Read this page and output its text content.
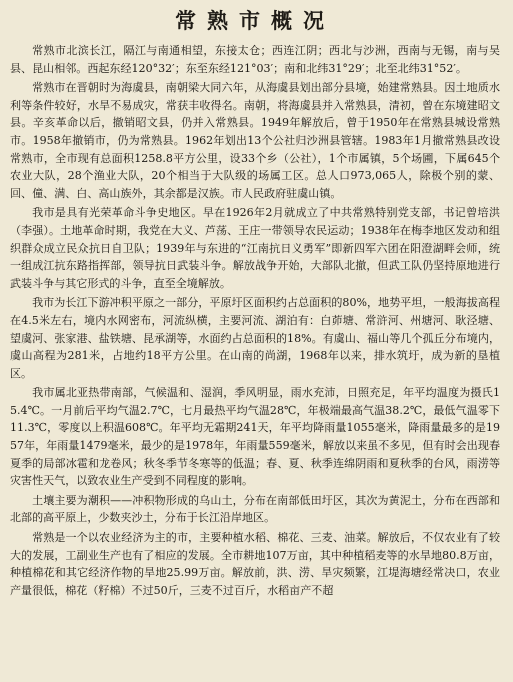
常熟市概况

常熟市北滨长江，隔江与南通相望，东接太仓；西连江阴；西北与沙洲，西南与无锡，南与吴县、昆山相邻。西起东经120°32′；东至东经121°03′；南和北纬31°29′；北至北纬31°52′。

常熟市在晋朝时为海虞县，南朝梁大同六年，从海虞县划出部分县境，始建常熟县。因土地质水利等条件较好，水旱不易成灾，常获丰收得名。南朝，将海虞县并入常熟县，清初，曾在东境建昭文县。辛亥革命以后，撤销昭文县，仍并入常熟县。1949年解放后，曾于1950年在常熟县城设常熟市。1958年撤销市，仍为常熟县。1962年划出13个公社归沙洲县管辖。1983年1月撤常熟县改设常熟市，全市现有总面积1258.8平方公里，设33个乡（公社），1个市属镇，5个场圃，下属645个农业大队，28个渔业大队，20个相当于大队级的场属工区。总人口973,065人，除极个别的蒙、回、僮、满、白、高山族外，其余都是汉族。市人民政府驻虞山镇。

我市是具有光荣革命斗争史地区。早在1926年2月就成立了中共常熟特别党支部，书记曾培洪（李强）。土地革命时期，我党在大义、芦荡、王庄一带领导农民运动；1938年在梅李地区发动和组织群众成立民众抗日自卫队；1939年与东进的“江南抗日义勇军”即新四军六团在阳澄湖畔会师，统一组成江抗东路指挥部，领导抗日武装斗争。解放战争开始，大部队北撤，但武工队仍坚持原地进行武装斗争与其它形式的斗争，直至全境解放。

我市为长江下游冲积平原之一部分，平原圩区面积约占总面积的80%，地势平坦，一般海拔高程在4.5米左右，境内水网密布，河流纵横，主要河流、湖泊有：白茆塘、常浒河、州塘河、耿泾塘、望虞河、张家港、盐铁塘、昆承湖等，水面约占总面积的18%。有虞山、福山等几个孤丘分布境内，虞山高程为281米，占地约18平方公里。在山南的尚湖，1968年以来，排水筑圩，成为新的垦植区。

我市属北亚热带南部，气候温和、湿润，季风明显，雨水充沛，日照充足，年平均温度为摄氏15.4℃。一月前后平均气温2.7℃，七月最热平均气温28℃，年极端最高气温38.2℃，最低气温零下11.3℃，零度以上积温608℃。年平均无霜期241天，年平均降雨量1055毫米，降雨量最多的是1957年，年雨量1479毫米，最少的是1978年，年雨量559毫米，解放以来虽不多见，但有时会出现春夏季的局部冰雹和龙卷风；秋冬季节冬寒等的低温；春、夏、秋季连绵阴雨和夏秋季的台风，雨涝等灾害性天气，以致农业生产受到不同程度的影响。

土壤主要为潮积——冲积物形成的乌山土，分布在南部低田圩区，其次为黄泥土，分布在西部和北部的高平原上，少数夹沙土，分布于长江沿岸地区。

常熟是一个以农业经济为主的市，主要种植水稻、棉花、三麦、油菜。解放后，不仅农业有了较大的发展，工副业生产也有了相应的发展。全市耕地107万亩，其中种植稻麦等的水旱地80.8万亩，种植棉花和其它经济作物的旱地25.99万亩。解放前，洪、涝、旱灾频繁，江堤海塘经常决口，农业产量很低，棉花（籽棉）不过50斤，三麦不过百斤，水稻亩产不超
